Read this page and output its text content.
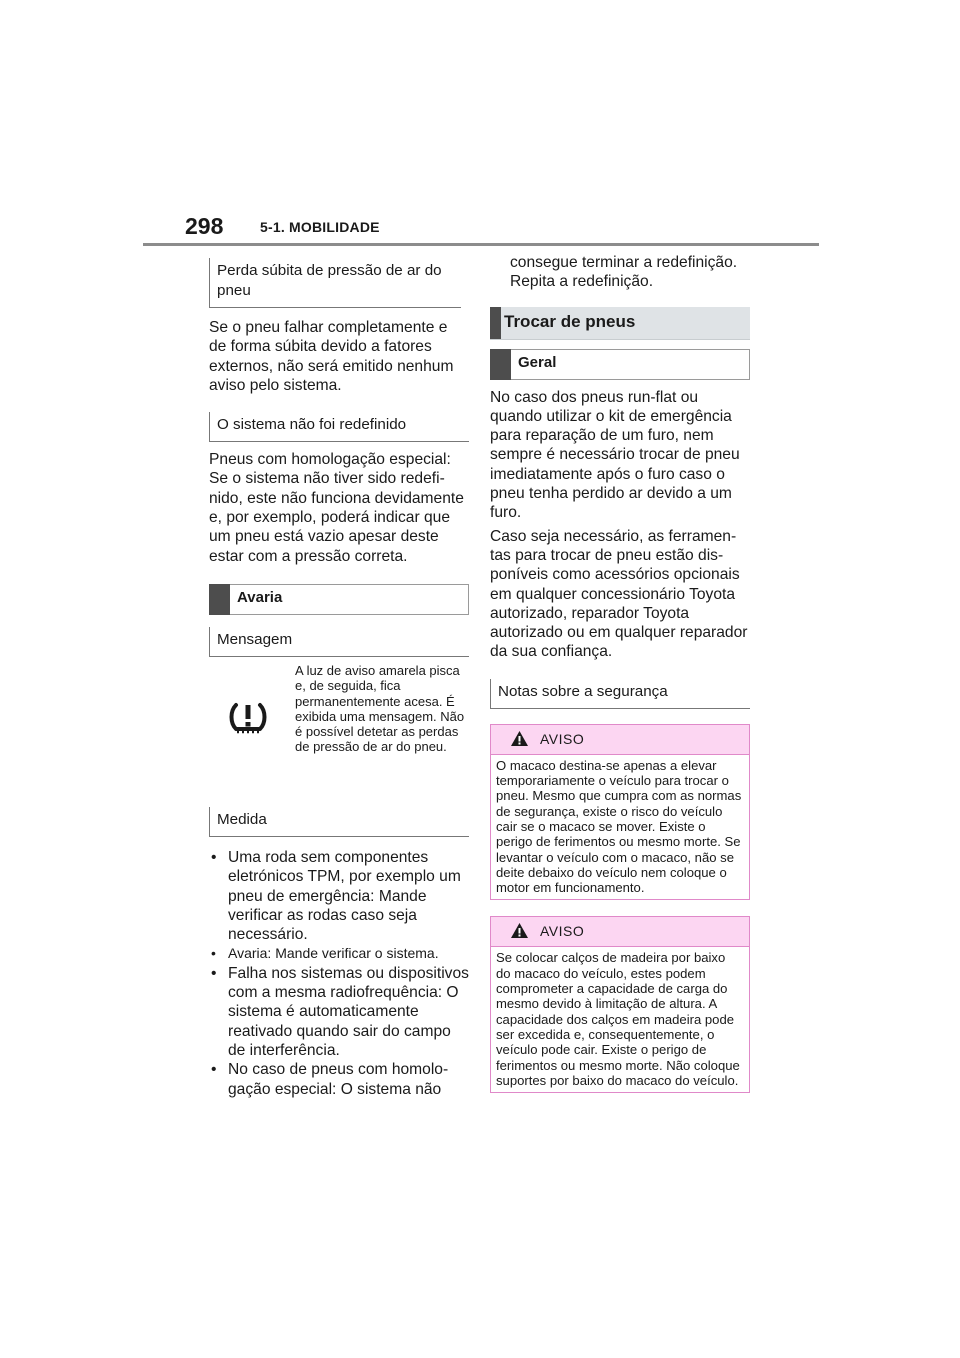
298	5-1. MOBILIDADE
Perda súbita de pressão de ar do pneu

Se o pneu falhar completamente e de forma súbita devido a fatores externos, não será emitido nenhum aviso pelo sistema.

O sistema não foi redefinido

Pneus com homologação especial: Se o sistema não tiver sido redefinido, este não funciona devidamente e, por exemplo, poderá indicar que um pneu está vazio apesar deste estar com a pressão correta.

Avaria
Mensagem
A luz de aviso amarela pisca e, de seguida, fica permanentemente acesa. É exibida uma mensagem. Não é possível detetar as perdas de pressão de ar do pneu.
Medida
• Uma roda sem componentes eletrónicos TPM, por exemplo um pneu de emergência: Mande verificar as rodas caso seja necessário.
• Avaria: Mande verificar o sistema.
• Falha nos sistemas ou dispositivos com a mesma radiofrequência: O sistema é automaticamente reativado quando sair do campo de interferência.
• No caso de pneus com homologação especial: O sistema não

consegue terminar a redefinição. Repita a redefinição.

Trocar de pneus
Geral

No caso dos pneus run-flat ou quando utilizar o kit de emergência para reparação de um furo, nem sempre é necessário trocar de pneu imediatamente após o furo caso o pneu tenha perdido ar devido a um furo.

Caso seja necessário, as ferramentas para trocar de pneu estão disponíveis como acessórios opcionais em qualquer concessionário Toyota autorizado, reparador Toyota autorizado ou em qualquer reparador da sua confiança.

Notas sobre a segurança
AVISO
O macaco destina-se apenas a elevar temporariamente o veículo para trocar o pneu. Mesmo que cumpra com as normas de segurança, existe o risco do veículo cair se o macaco se mover. Existe o perigo de ferimentos ou mesmo morte. Se levantar o veículo com o macaco, não se deite debaixo do veículo nem coloque o motor em funcionamento.
AVISO
Se colocar calços de madeira por baixo do macaco do veículo, estes podem comprometer a capacidade de carga do mesmo devido à limitação de altura. A capacidade dos calços em madeira pode ser excedida e, consequentemente, o veículo pode cair. Existe o perigo de ferimentos ou mesmo morte. Não coloque suportes por baixo do macaco do veículo.
